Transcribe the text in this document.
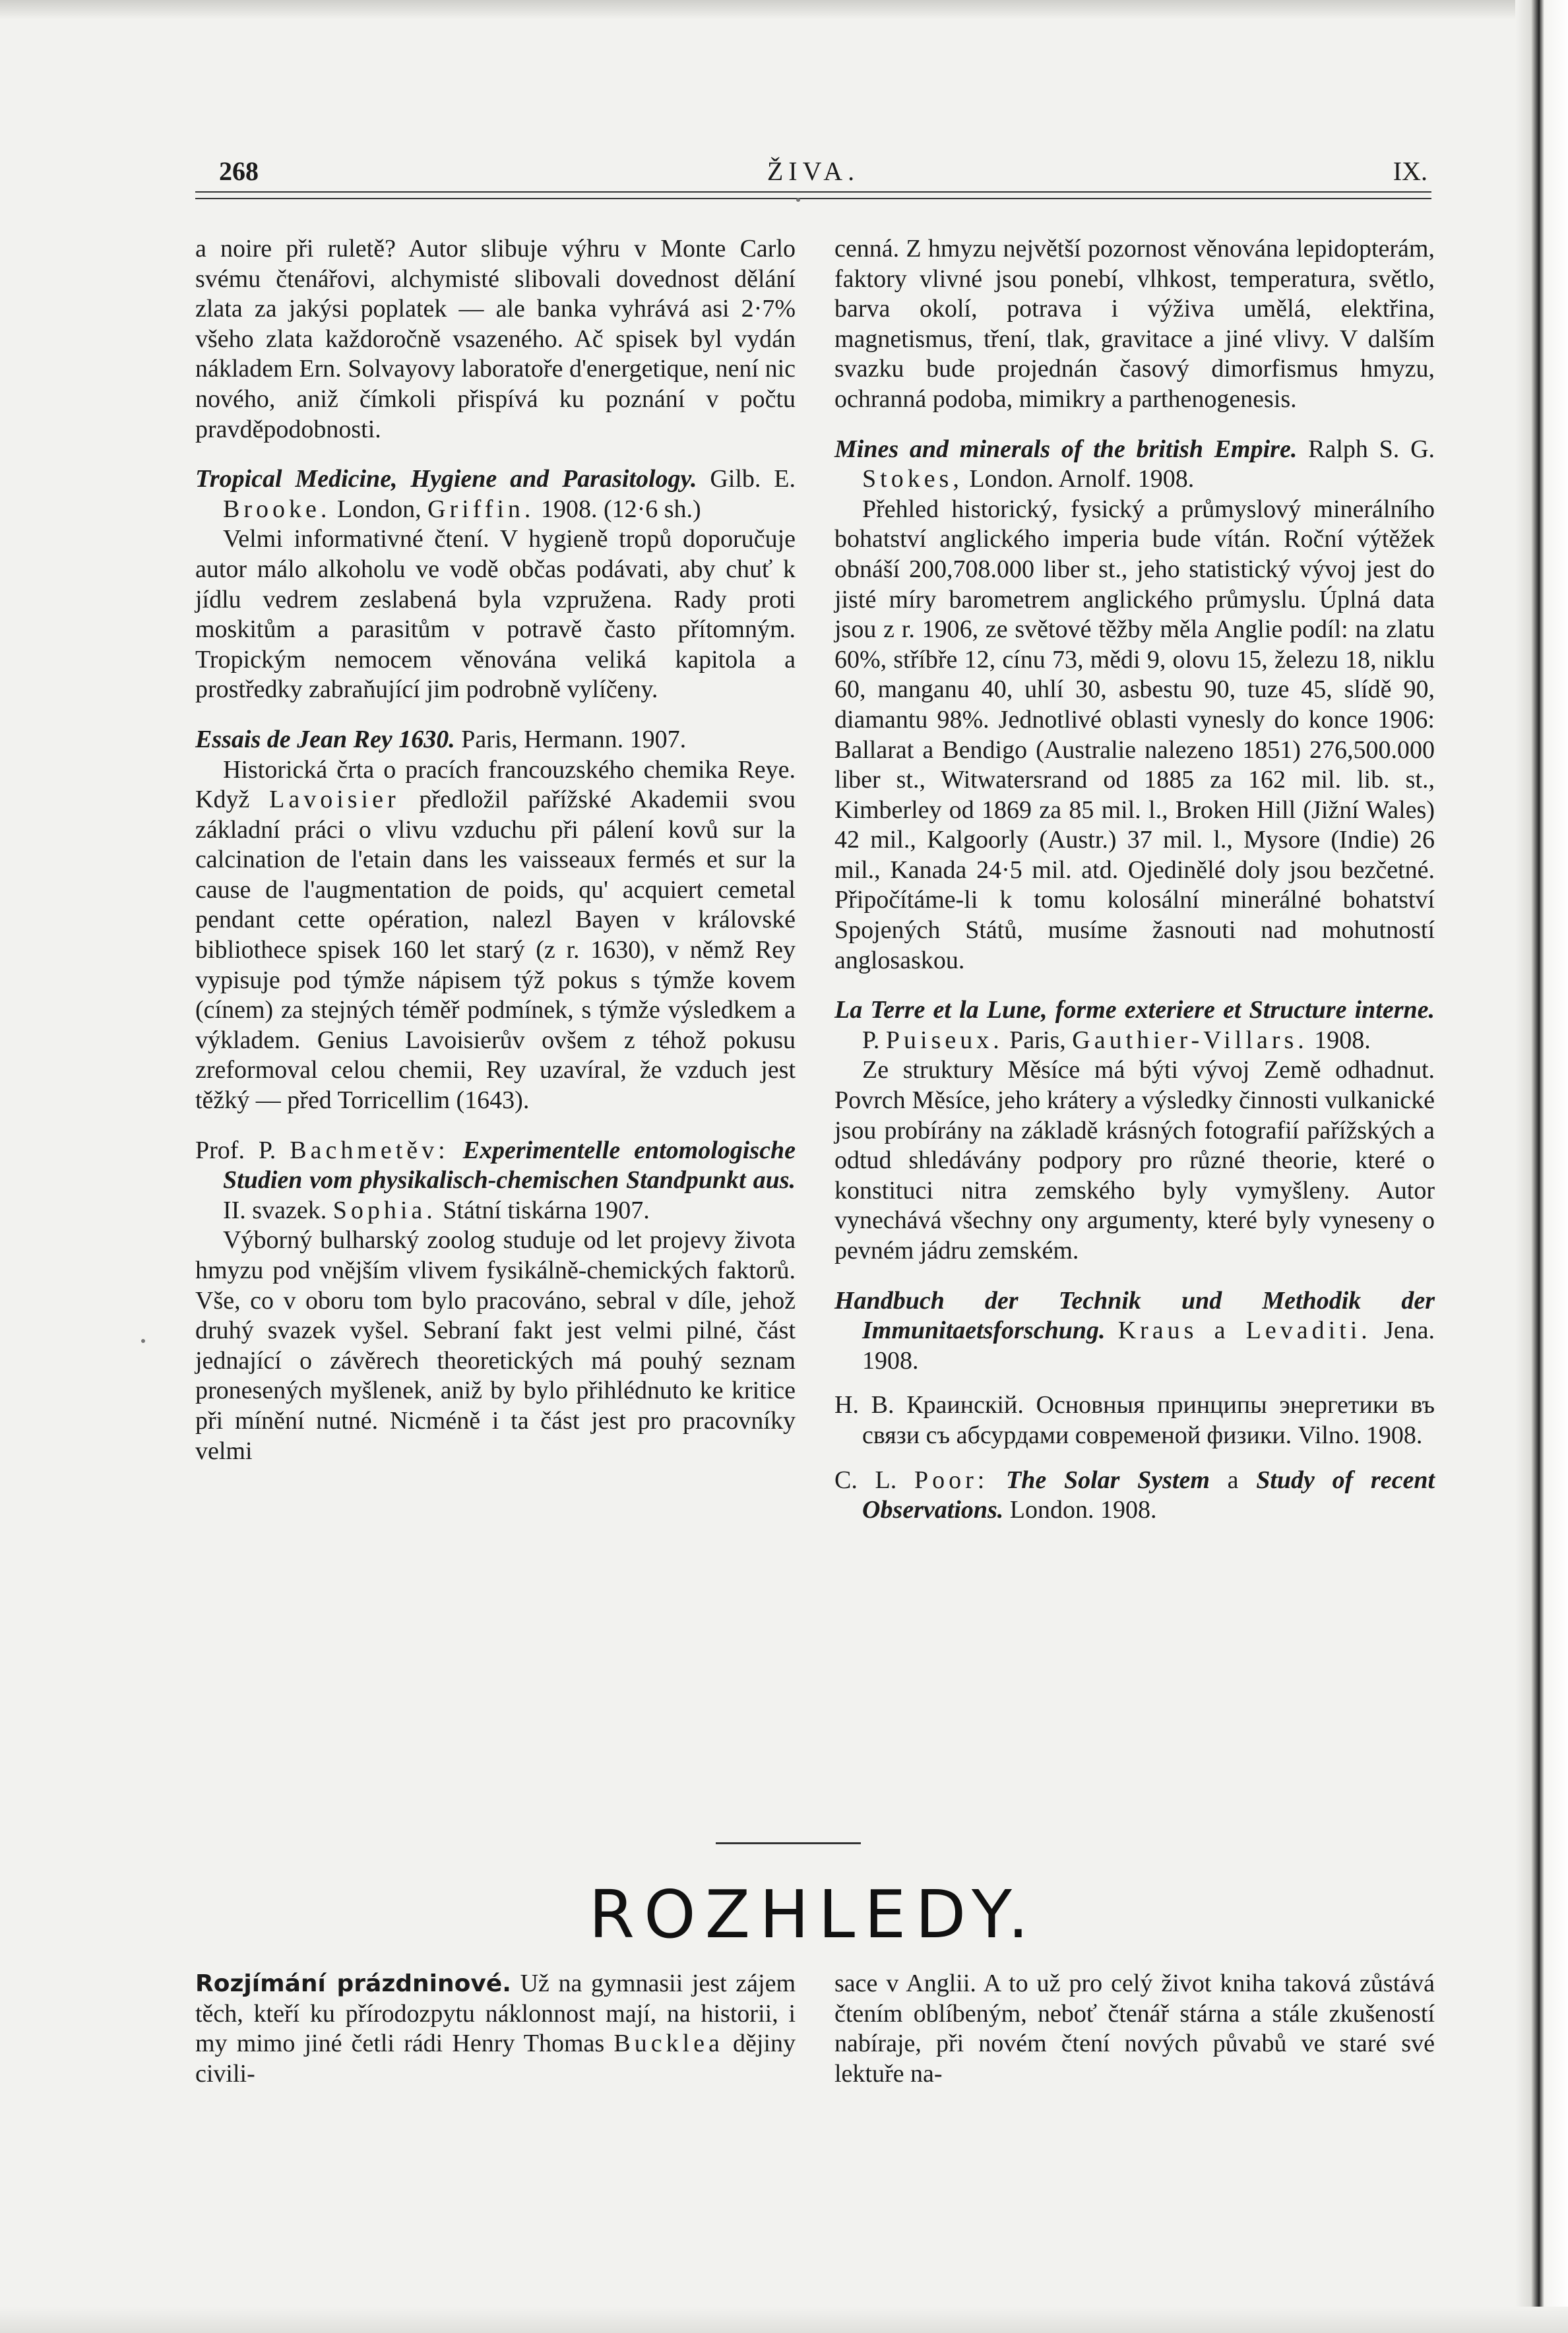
268	ŽIVA.	IX.

a noire při ruletě? Autor slibuje výhru v Monte Carlo svému čtenářovi, alchymisté slibovali dovednost dělání zlata za jakýsi poplatek — ale banka vyhrává asi 2·7% všeho zlata každoročně vsazeného. Ač spisek byl vydán nákladem Ern. Solvayovy laboratoře d'energetique, není nic nového, aniž čímkoli přispívá ku poznání v počtu pravděpodobnosti.

Tropical Medicine, Hygiene and Parasitology. Gilb. E. Brooke. London, Griffin. 1908. (12·6 sh.)

Velmi informativné čtení. V hygieně tropů doporučuje autor málo alkoholu ve vodě občas podávati, aby chuť k jídlu vedrem zeslabená byla vzpružena. Rady proti moskitům a parasitům v potravě často přítomným. Tropickým nemocem věnována veliká kapitola a prostředky zabraňující jim podrobně vylíčeny.

Essais de Jean Rey 1630. Paris, Hermann. 1907.

Historická črta o pracích francouzského chemika Reye. Když Lavoisier předložil pařížské Akademii svou základní práci o vlivu vzduchu při pálení kovů sur la calcination de l'etain dans les vaisseaux fermés et sur la cause de l'augmentation de poids, qu' acquiert cemetal pendant cette opération, nalezl Bayen v královské bibliothece spisek 160 let starý (z r. 1630), v němž Rey vypisuje pod týmže nápisem týž pokus s týmže kovem (cínem) za stejných téměř podmínek, s týmže výsledkem a výkladem. Genius Lavoisierův ovšem z téhož pokusu zreformoval celou chemii, Rey uzavíral, že vzduch jest těžký — před Torricellim (1643).

Prof. P. Bachmetěv: Experimentelle entomologische Studien vom physikalisch-chemischen Standpunkt aus. II. svazek. Sophia. Státní tiskárna 1907.

Výborný bulharský zoolog studuje od let projevy života hmyzu pod vnějším vlivem fysikálně-chemických faktorů. Vše, co v oboru tom bylo pracováno, sebral v díle, jehož druhý svazek vyšel. Sebraní fakt jest velmi pilné, část jednající o závěrech theoretických má pouhý seznam pronesených myšlenek, aniž by bylo přihlédnuto ke kritice při mínění nutné. Nicméně i ta část jest pro pracovníky velmi

cenná. Z hmyzu největší pozornost věnována lepidopterám, faktory vlivné jsou ponebí, vlhkost, temperatura, světlo, barva okolí, potrava i výživa umělá, elektřina, magnetismus, tření, tlak, gravitace a jiné vlivy. V dalším svazku bude projednán časový dimorfismus hmyzu, ochranná podoba, mimikry a parthenogenesis.

Mines and minerals of the british Empire. Ralph S. G. Stokes, London. Arnolf. 1908.

Přehled historický, fysický a průmyslový minerálního bohatství anglického imperia bude vítán. Roční výtěžek obnáší 200,708.000 liber st., jeho statistický vývoj jest do jisté míry barometrem anglického průmyslu. Úplná data jsou z r. 1906, ze světové těžby měla Anglie podíl: na zlatu 60%, stříbře 12, cínu 73, mědi 9, olovu 15, železu 18, niklu 60, manganu 40, uhlí 30, asbestu 90, tuze 45, slídě 90, diamantu 98%. Jednotlivé oblasti vynesly do konce 1906: Ballarat a Bendigo (Australie nalezeno 1851) 276,500.000 liber st., Witwatersrand od 1885 za 162 mil. lib. st., Kimberley od 1869 za 85 mil. l., Broken Hill (Jižní Wales) 42 mil., Kalgoorly (Austr.) 37 mil. l., Mysore (Indie) 26 mil., Kanada 24·5 mil. atd. Ojedinělé doly jsou bezčetné. Připočítáme-li k tomu kolosální minerálné bohatství Spojených Států, musíme žasnouti nad mohutností anglosaskou.

La Terre et la Lune, forme exteriere et Structure interne. P. Puiseux. Paris, Gauthier-Villars. 1908.

Ze struktury Měsíce má býti vývoj Země odhadnut. Povrch Měsíce, jeho krátery a výsledky činnosti vulkanické jsou probírány na základě krásných fotografií pařížských a odtud shledávány podpory pro různé theorie, které o konstituci nitra zemského byly vymyšleny. Autor vynechává všechny ony argumenty, které byly vyneseny o pevném jádru zemském.

Handbuch der Technik und Methodik der Immunitaetsforschung. Kraus a Levaditi. Jena. 1908.

Н. В. Краинскій. Основныя принципы энергетики въ связи съ абсурдами современой физики. Vilno. 1908.

C. L. Poor: The Solar System a Study of recent Observations. London. 1908.

ROZHLEDY.

Rozjímání prázdninové. Už na gymnasii jest zájem těch, kteří ku přírodozpytu náklonnost mají, na historii, i my mimo jiné četli rádi Henry Thomas Bucklea dějiny civili-

sace v Anglii. A to už pro celý život kniha taková zůstává čtením oblíbeným, neboť čtenář stárna a stále zkušeností nabíraje, při novém čtení nových půvabů ve staré své lektuře na-
